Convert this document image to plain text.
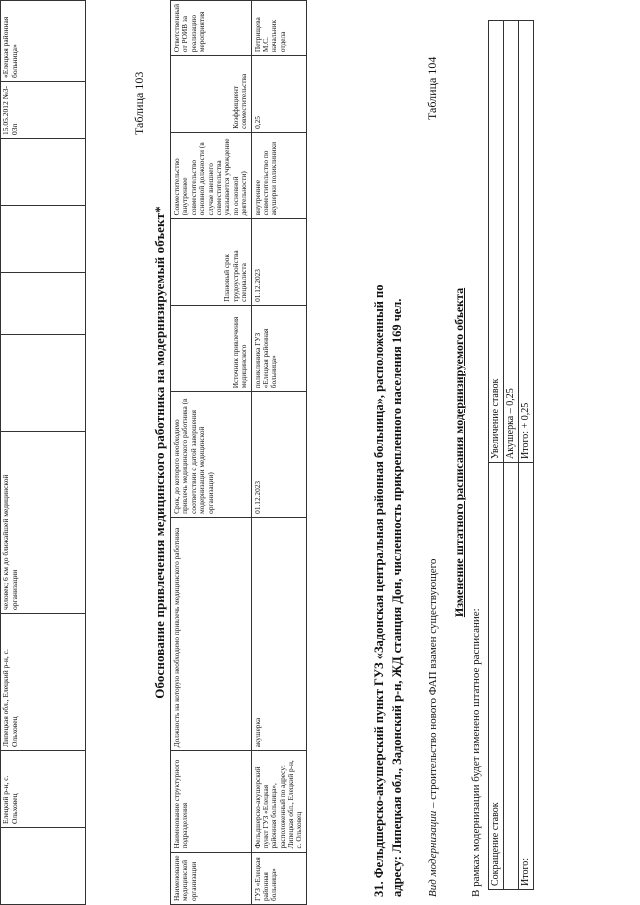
	Елецкий р-н, с. Ольховец	Липецкая обл., Елецкий р-н, с. Ольховец	человек; 6 км до ближайшей медицинской организации					15.05.2012 №3-03п	«Елецкая районная больница»
Таблица 103
Обоснование привлечения медицинского работника на модернизируемый объект*
Наименование медицинской организации	Наименование структурного подразделения	Должность на которую необходимо привлечь медицинского работника	Срок, до которого необходимо привлечь медицинского работника (в соответствии с датой завершения модернизации медицинской организации)	Источник привлечения медицинского	Плановый срок трудоустройства специалиста	Совместительство (внутреннее совместительство основной должности (в случае внешнего совместительства указывается учреждение по основной деятельности)	Коэффициент совместительства	Ответственный от РОИВ за реализацию мероприятия
ГУЗ «Елецкая районная больница»	Фельдшерско-акушерский пункт ГУЗ «Елецкая районная больница», расположенный по адресу: Липецкая обл., Елецкий р-н, с. Ольховец	акушерка	01.12.2023	поликлиника ГУЗ «Елецкая районная больница»	01.12.2023	внутреннее совместительство по акушерки поликлиники	0,25	Петрищева М.С. начальник отдела
31. Фельдшерско-акушерский пункт ГУЗ «Задонская центральная районная больница», расположенный по адресу: Липецкая обл., Задонский р-н, ЖД станция Дон, численность прикрепленного населения 169 чел. Вид модернизации – строительство нового ФАП взамен существующего
Таблица 104
Изменение штатного расписания модернизируемого объекта
В рамках модернизации будет изменено штатное расписание: Сокращение ставок	Увеличение ставок
	Акушерка – 0,25
Итого:	Итого: + 0,25
